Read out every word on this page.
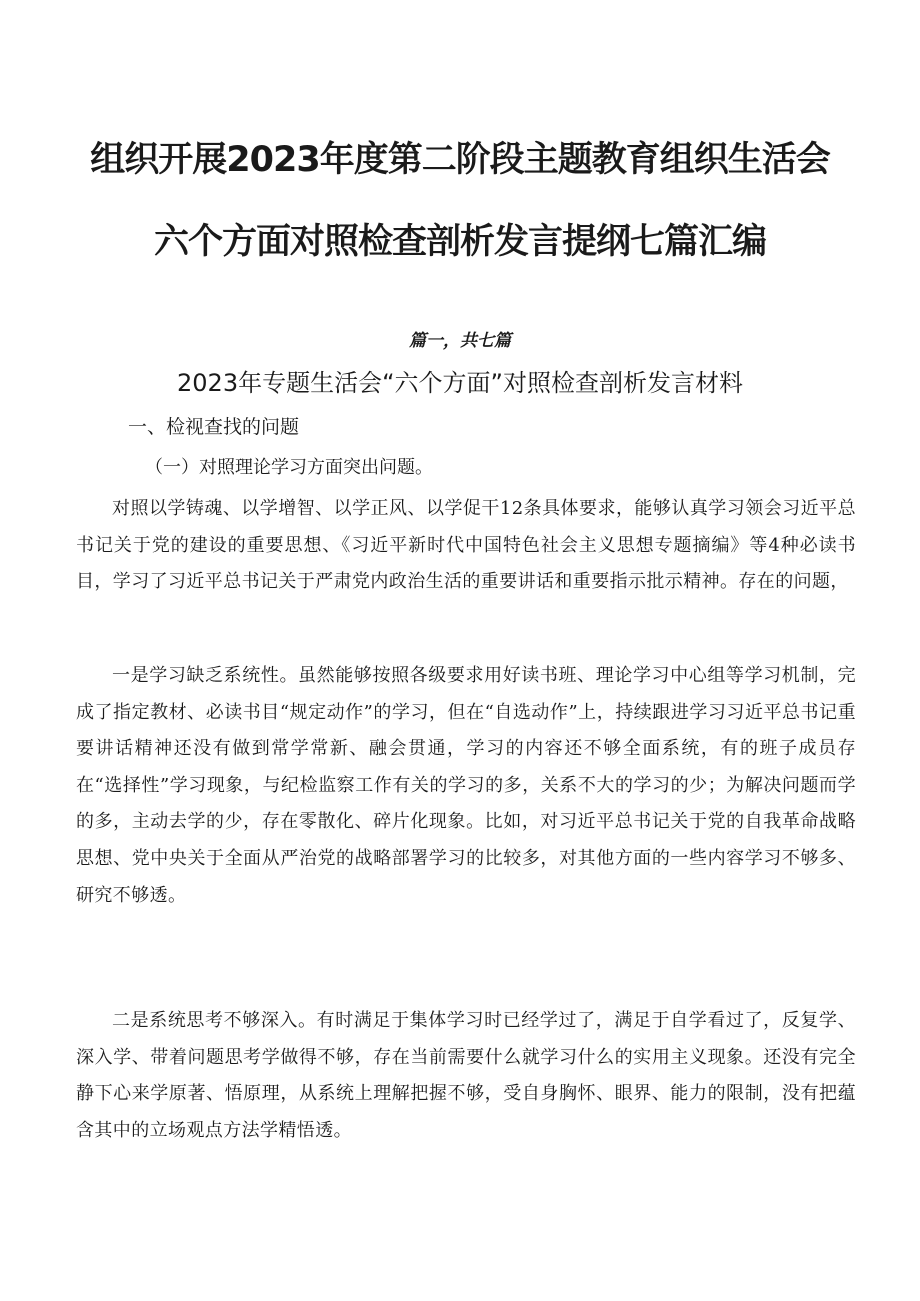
组织开展2023年度第二阶段主题教育组织生活会
六个方面对照检查剖析发言提纲七篇汇编
篇一，共七篇
2023年专题生活会“六个方面”对照检查剖析发言材料
一、检视查找的问题
（一）对照理论学习方面突出问题。

对照以学铸魂、以学增智、以学正风、以学促干12条具体要求，能够认真学习领会习近平总书记关于党的建设的重要思想、《习近平新时代中国特色社会主义思想专题摘编》等4种必读书目，学习了习近平总书记关于严肃党内政治生活的重要讲话和重要指示批示精神。存在的问题，

一是学习缺乏系统性。虽然能够按照各级要求用好读书班、理论学习中心组等学习机制，完成了指定教材、必读书目“规定动作”的学习，但在“自选动作”上，持续跟进学习习近平总书记重要讲话精神还没有做到常学常新、融会贯通，学习的内容还不够全面系统，有的班子成员存在“选择性”学习现象，与纪检监察工作有关的学习的多，关系不大的学习的少；为解决问题而学的多，主动去学的少，存在零散化、碎片化现象。比如，对习近平总书记关于党的自我革命战略思想、党中央关于全面从严治党的战略部署学习的比较多，对其他方面的一些内容学习不够多、研究不够透。

二是系统思考不够深入。有时满足于集体学习时已经学过了，满足于自学看过了，反复学、深入学、带着问题思考学做得不够，存在当前需要什么就学习什么的实用主义现象。还没有完全静下心来学原著、悟原理，从系统上理解把握不够，受自身胸怀、眼界、能力的限制，没有把蕴含其中的立场观点方法学精悟透。
